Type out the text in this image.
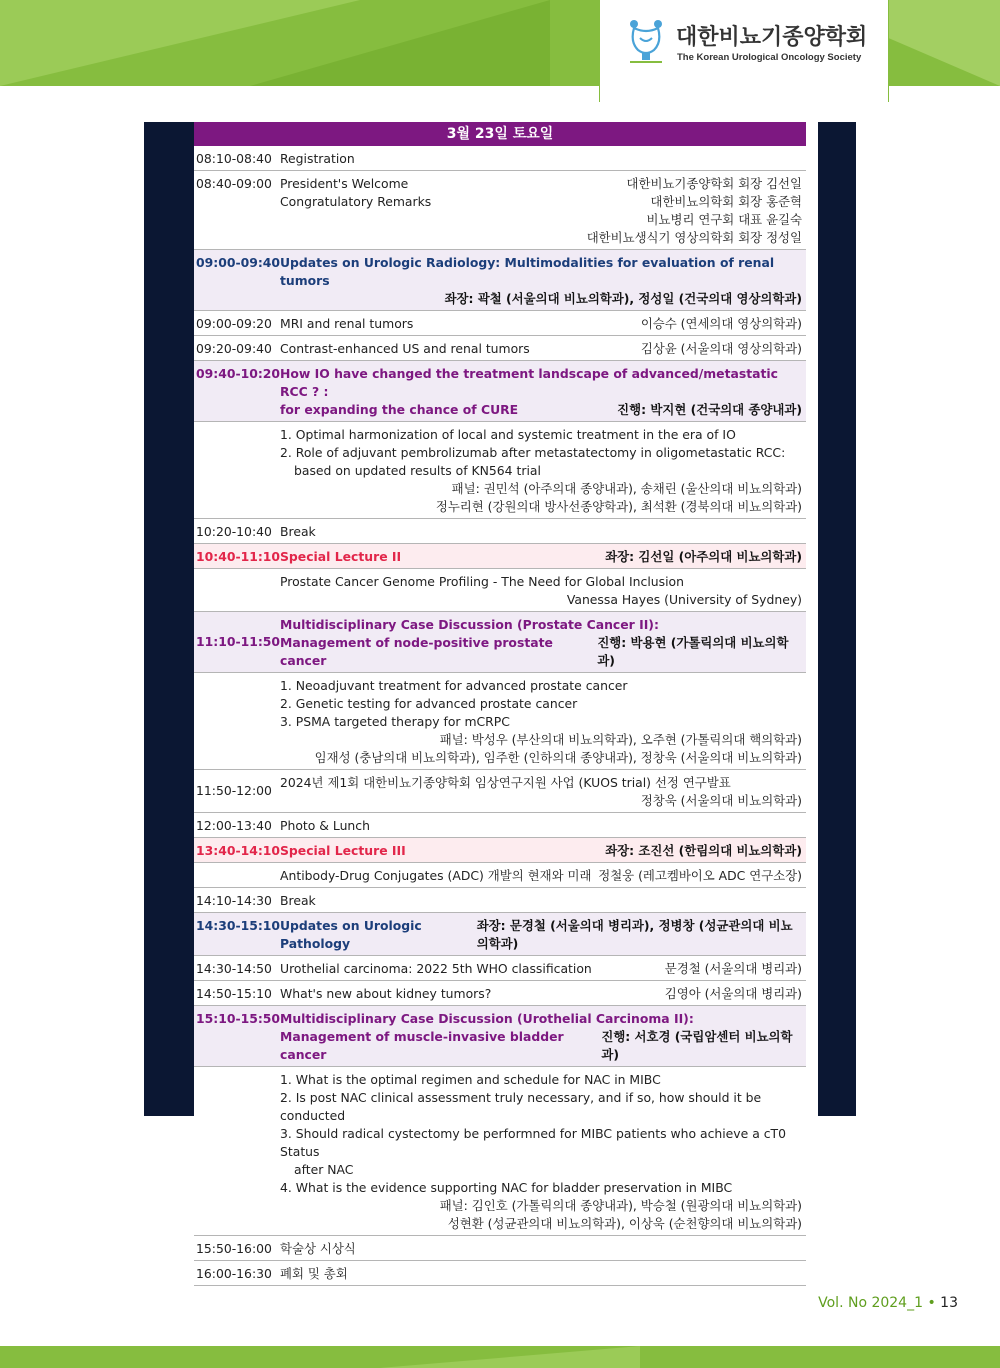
대한비뇨기종양학회
The Korean Urological Oncology Society
3월 23일 토요일
08:10-08:40 Registration
08:40-09:00 President's Welcome	대한비뇨기종양학회 회장 김선일
Congratulatory Remarks	대한비뇨의학회 회장 홍준혁
비뇨병리 연구회 대표 윤길숙
대한비뇨생식기 영상의학회 회장 정성일
09:00-09:40 Updates on Urologic Radiology: Multimodalities for evaluation of renal tumors
좌장: 곽철 (서울의대 비뇨의학과), 정성일 (건국의대 영상의학과)
09:00-09:20 MRI and renal tumors	이승수 (연세의대 영상의학과)
09:20-09:40 Contrast-enhanced US and renal tumors	김상윤 (서울의대 영상의학과)
09:40-10:20 How IO have changed the treatment landscape of advanced/metastatic RCC ? :
for expanding the chance of CURE	진행: 박지현 (건국의대 종양내과)
1. Optimal harmonization of local and systemic treatment in the era of IO
2. Role of adjuvant pembrolizumab after metastatectomy in oligometastatic RCC:
based on updated results of KN564 trial
패널: 권민석 (아주의대 종양내과), 송채린 (울산의대 비뇨의학과)
정누리현 (강원의대 방사선종양학과), 최석환 (경북의대 비뇨의학과)
10:20-10:40 Break
10:40-11:10 Special Lecture II	좌장: 김선일 (아주의대 비뇨의학과)
Prostate Cancer Genome Profiling - The Need for Global Inclusion
Vanessa Hayes (University of Sydney)
11:10-11:50
Multidisciplinary Case Discussion (Prostate Cancer II):
Management of node-positive prostate cancer
진행: 박용현 (가톨릭의대 비뇨의학과)
1. Neoadjuvant treatment for advanced prostate cancer
2. Genetic testing for advanced prostate cancer
3. PSMA targeted therapy for mCRPC
패널: 박성우 (부산의대 비뇨의학과), 오주현 (가톨릭의대 핵의학과)
임재성 (충남의대 비뇨의학과), 임주한 (인하의대 종양내과), 정창욱 (서울의대 비뇨의학과)
11:50-12:00
2024년 제1회 대한비뇨기종양학회 임상연구지원 사업 (KUOS trial) 선정 연구발표
정창욱 (서울의대 비뇨의학과)
12:00-13:40 Photo & Lunch
13:40-14:10 Special Lecture III	좌장: 조진선 (한림의대 비뇨의학과)
Antibody-Drug Conjugates (ADC) 개발의 현재와 미래 정철웅 (레고켐바이오 ADC 연구소장)
14:10-14:30 Break
14:30-15:10 Updates on Urologic Pathology
좌장: 문경철 (서울의대 병리과), 정병창 (성균관의대 비뇨의학과)
14:30-14:50 Urothelial carcinoma: 2022 5th WHO classification	문경철 (서울의대 병리과)
14:50-15:10 What's new about kidney tumors?	김영아 (서울의대 병리과)
15:10-15:50 Multidisciplinary Case Discussion (Urothelial Carcinoma II):
Management of muscle-invasive bladder cancer
진행: 서호경 (국립암센터 비뇨의학과)
1. What is the optimal regimen and schedule for NAC in MIBC
2. Is post NAC clinical assessment truly necessary, and if so, how should it be conducted
3. Should radical cystectomy be performned for MIBC patients who achieve a cT0 Status
after NAC
4. What is the evidence supporting NAC for bladder preservation in MIBC
패널: 김인호 (가톨릭의대 종양내과), 박승철 (원광의대 비뇨의학과)
성현환 (성균관의대 비뇨의학과), 이상욱 (순천향의대 비뇨의학과)
15:50-16:00 학술상 시상식
16:00-16:30 폐회 및 총회
Vol. No 2024_1 • 13
